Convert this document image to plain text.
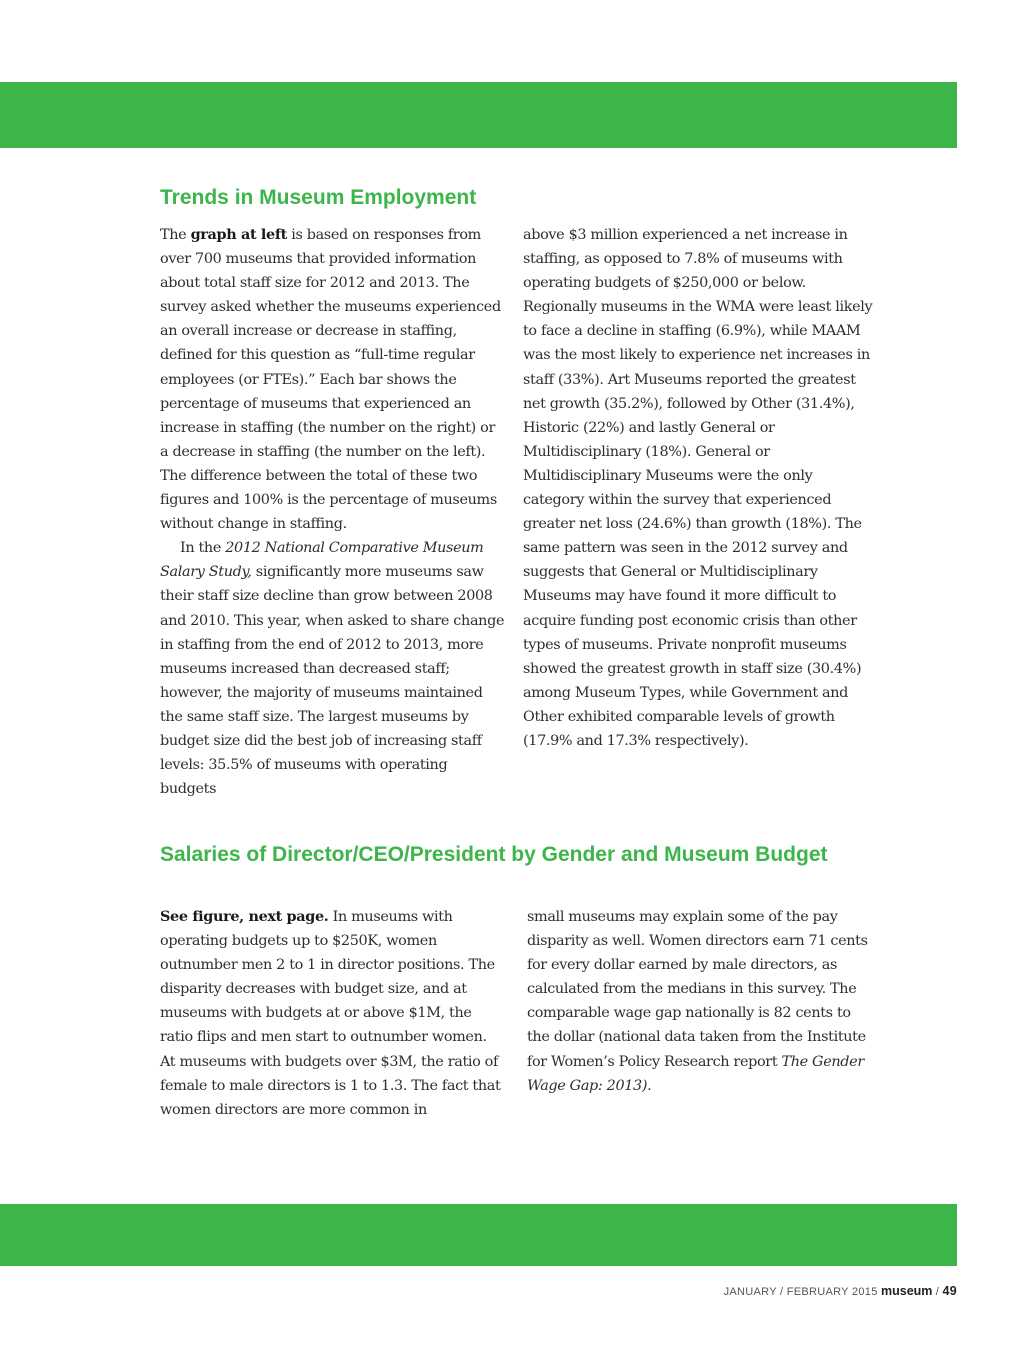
Trends in Museum Employment

The graph at left is based on responses from over 700 museums that provided information about total staff size for 2012 and 2013. The survey asked whether the museums experienced an overall increase or decrease in staffing, defined for this question as “full-time regular employees (or FTEs).” Each bar shows the percentage of museums that experienced an increase in staffing (the number on the right) or a decrease in staffing (the number on the left). The difference between the total of these two figures and 100% is the percentage of museums without change in staffing.

In the 2012 National Comparative Museum Salary Study, significantly more museums saw their staff size decline than grow between 2008 and 2010. This year, when asked to share change in staffing from the end of 2012 to 2013, more museums increased than decreased staff; however, the majority of museums maintained the same staff size. The largest museums by budget size did the best job of increasing staff levels: 35.5% of museums with operating budgets

above $3 million experienced a net increase in staffing, as opposed to 7.8% of museums with operating budgets of $250,000 or below. Regionally museums in the WMA were least likely to face a decline in staffing (6.9%), while MAAM was the most likely to experience net increases in staff (33%). Art Museums reported the greatest net growth (35.2%), followed by Other (31.4%), Historic (22%) and lastly General or Multidisciplinary (18%). General or Multidisciplinary Museums were the only category within the survey that experienced greater net loss (24.6%) than growth (18%). The same pattern was seen in the 2012 survey and suggests that General or Multidisciplinary Museums may have found it more difficult to acquire funding post economic crisis than other types of museums. Private nonprofit museums showed the greatest growth in staff size (30.4%) among Museum Types, while Government and Other exhibited comparable levels of growth (17.9% and 17.3% respectively).

Salaries of Director/CEO/President by Gender and Museum Budget

See figure, next page. In museums with operating budgets up to $250K, women outnumber men 2 to 1 in director positions. The disparity decreases with budget size, and at museums with budgets at or above $1M, the ratio flips and men start to outnumber women. At museums with budgets over $3M, the ratio of female to male directors is 1 to 1.3. The fact that women directors are more common in

small museums may explain some of the pay disparity as well. Women directors earn 71 cents for every dollar earned by male directors, as calculated from the medians in this survey. The comparable wage gap nationally is 82 cents to the dollar (national data taken from the Institute for Women’s Policy Research report The Gender Wage Gap: 2013).

JANUARY / FEBRUARY 2015 museum / 49
